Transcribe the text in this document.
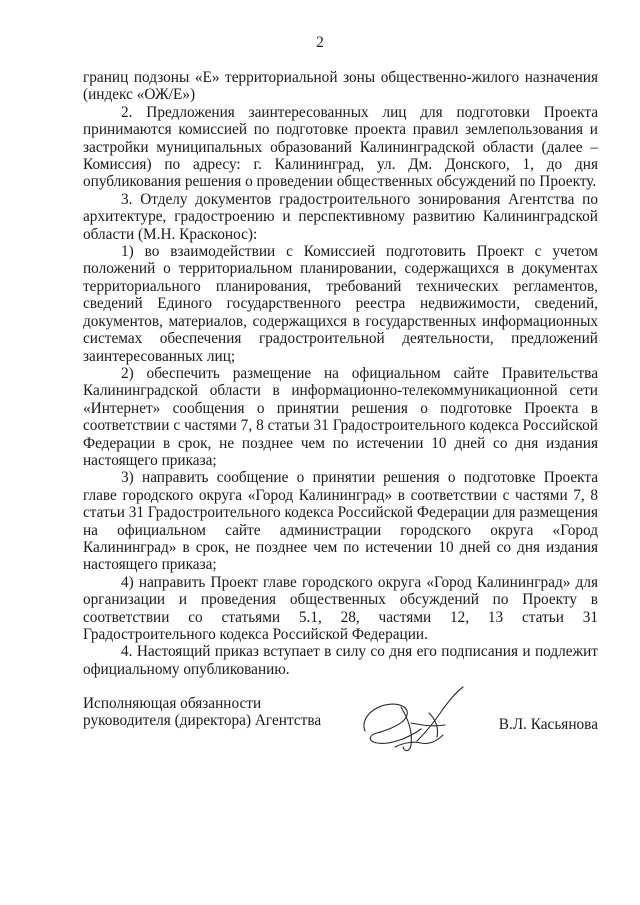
2

границ подзоны «Е» территориальной зоны общественно-жилого назначения (индекс «ОЖ/Е»)

2. Предложения заинтересованных лиц для подготовки Проекта принимаются комиссией по подготовке проекта правил землепользования и застройки муниципальных образований Калининградской области (далее – Комиссия) по адресу: г. Калининград, ул. Дм. Донского, 1, до дня опубликования решения о проведении общественных обсуждений по Проекту.

3. Отделу документов градостроительного зонирования Агентства по архитектуре, градостроению и перспективному развитию Калининградской области (М.Н. Красконос):

1) во взаимодействии с Комиссией подготовить Проект с учетом положений о территориальном планировании, содержащихся в документах территориального планирования, требований технических регламентов, сведений Единого государственного реестра недвижимости, сведений, документов, материалов, содержащихся в государственных информационных системах обеспечения градостроительной деятельности, предложений заинтересованных лиц;

2) обеспечить размещение на официальном сайте Правительства Калининградской области в информационно-телекоммуникационной сети «Интернет» сообщения о принятии решения о подготовке Проекта в соответствии с частями 7, 8 статьи 31 Градостроительного кодекса Российской Федерации в срок, не позднее чем по истечении 10 дней со дня издания настоящего приказа;

3) направить сообщение о принятии решения о подготовке Проекта главе городского округа «Город Калининград» в соответствии с частями 7, 8 статьи 31 Градостроительного кодекса Российской Федерации для размещения на официальном сайте администрации городского округа «Город Калининград» в срок, не позднее чем по истечении 10 дней со дня издания настоящего приказа;

4) направить Проект главе городского округа «Город Калининград» для организации и проведения общественных обсуждений по Проекту в соответствии со статьями 5.1, 28, частями 12, 13 статьи 31 Градостроительного кодекса Российской Федерации.

4. Настоящий приказ вступает в силу со дня его подписания и подлежит официальному опубликованию.

Исполняющая обязанности
руководителя (директора) Агентства	В.Л. Касьянова
